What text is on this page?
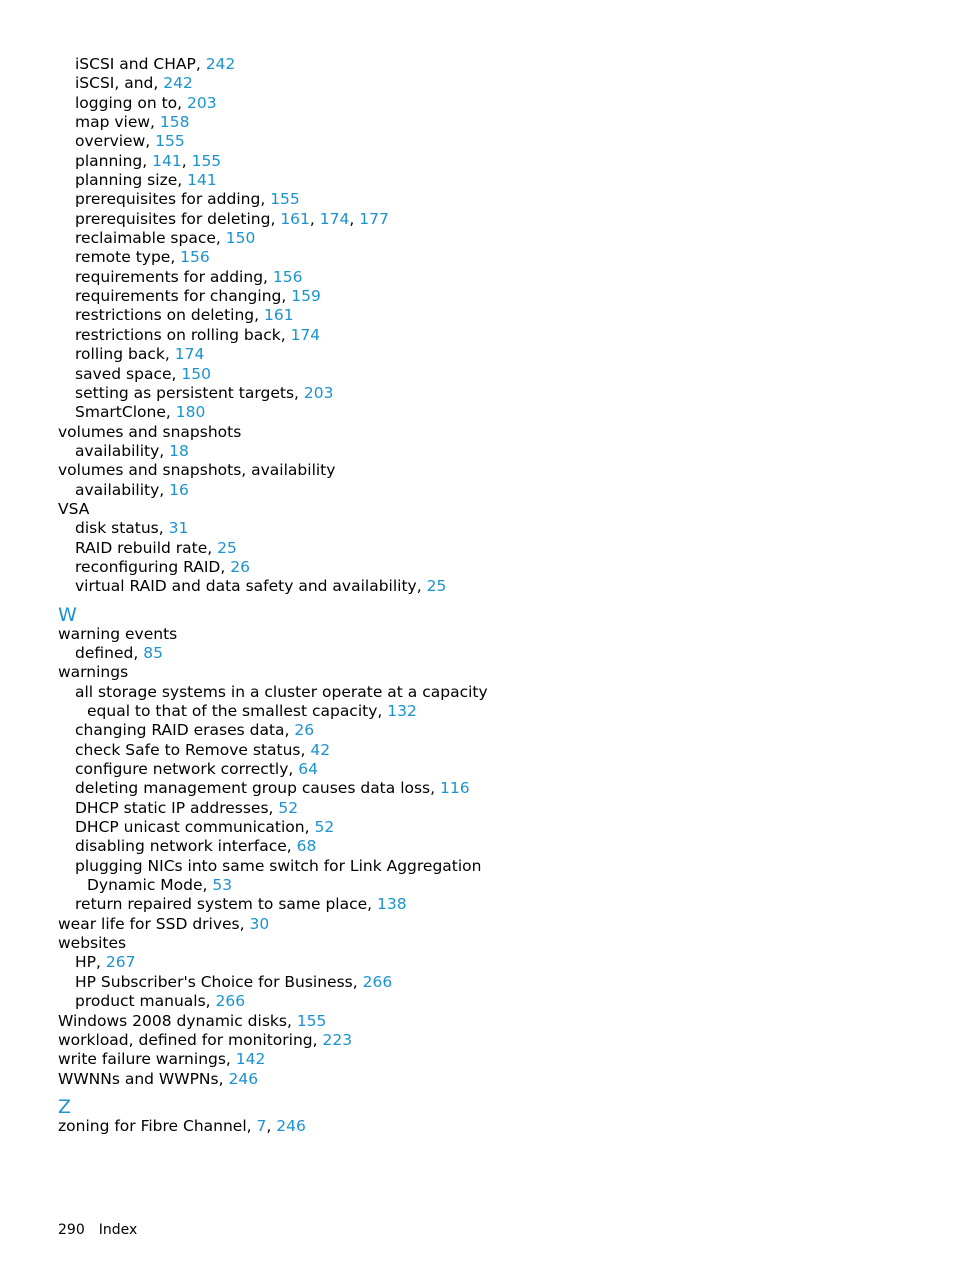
iSCSI and CHAP, 242
iSCSI, and, 242
logging on to, 203
map view, 158
overview, 155
planning, 141, 155
planning size, 141
prerequisites for adding, 155
prerequisites for deleting, 161, 174, 177
reclaimable space, 150
remote type, 156
requirements for adding, 156
requirements for changing, 159
restrictions on deleting, 161
restrictions on rolling back, 174
rolling back, 174
saved space, 150
setting as persistent targets, 203
SmartClone, 180
volumes and snapshots
availability, 18
volumes and snapshots, availability
availability, 16
VSA
disk status, 31
RAID rebuild rate, 25
reconfiguring RAID, 26
virtual RAID and data safety and availability, 25
W
warning events
defined, 85
warnings
all storage systems in a cluster operate at a capacity
equal to that of the smallest capacity, 132
changing RAID erases data, 26
check Safe to Remove status, 42
configure network correctly, 64
deleting management group causes data loss, 116
DHCP static IP addresses, 52
DHCP unicast communication, 52
disabling network interface, 68
plugging NICs into same switch for Link Aggregation
Dynamic Mode, 53
return repaired system to same place, 138
wear life for SSD drives, 30
websites
HP, 267
HP Subscriber's Choice for Business, 266
product manuals, 266
Windows 2008 dynamic disks, 155
workload, defined for monitoring, 223
write failure warnings, 142
WWNNs and WWPNs, 246
Z
zoning for Fibre Channel, 7, 246
290 Index
